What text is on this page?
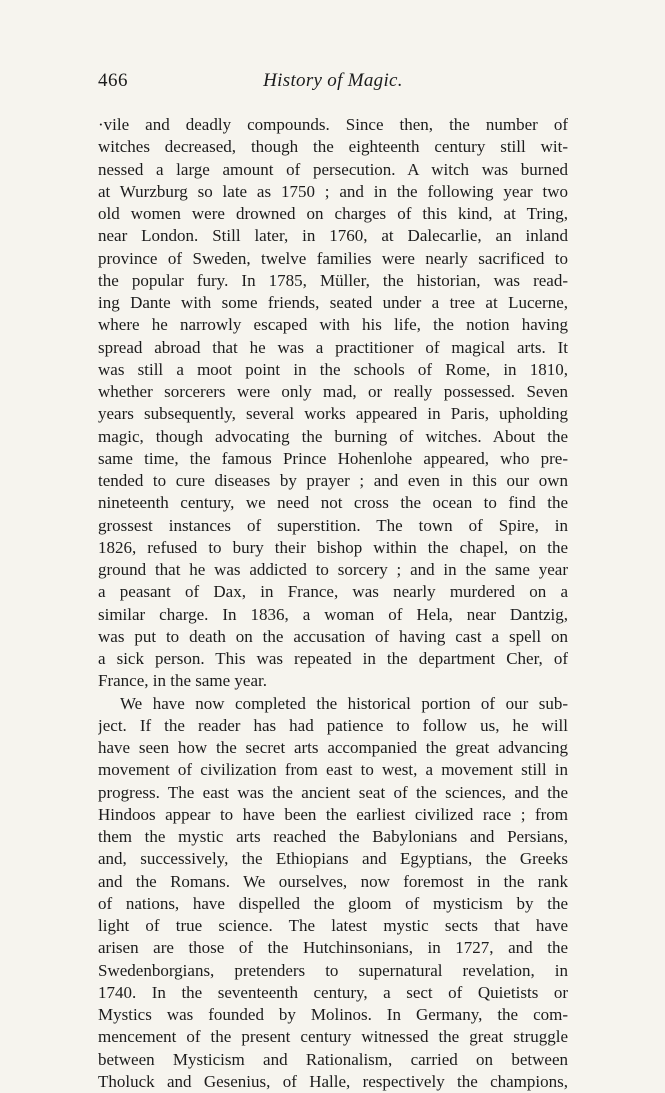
466	History of Magic.
·vile and deadly compounds. Since then, the number of
witches decreased, though the eighteenth century still wit-
nessed a large amount of persecution. A witch was burned
at Wurzburg so late as 1750 ; and in the following year two
old women were drowned on charges of this kind, at Tring,
near London. Still later, in 1760, at Dalecarlie, an inland
province of Sweden, twelve families were nearly sacrificed to
the popular fury. In 1785, Müller, the historian, was read-
ing Dante with some friends, seated under a tree at Lucerne,
where he narrowly escaped with his life, the notion having
spread abroad that he was a practitioner of magical arts. It
was still a moot point in the schools of Rome, in 1810,
whether sorcerers were only mad, or really possessed. Seven
years subsequently, several works appeared in Paris, upholding
magic, though advocating the burning of witches. About the
same time, the famous Prince Hohenlohe appeared, who pre-
tended to cure diseases by prayer ; and even in this our own
nineteenth century, we need not cross the ocean to find the
grossest instances of superstition. The town of Spire, in
1826, refused to bury their bishop within the chapel, on the
ground that he was addicted to sorcery ; and in the same year
a peasant of Dax, in France, was nearly murdered on a
similar charge. In 1836, a woman of Hela, near Dantzig,
was put to death on the accusation of having cast a spell on
a sick person. This was repeated in the department Cher, of
France, in the same year.
We have now completed the historical portion of our sub-
ject. If the reader has had patience to follow us, he will
have seen how the secret arts accompanied the great advancing
movement of civilization from east to west, a movement still in
progress. The east was the ancient seat of the sciences, and the
Hindoos appear to have been the earliest civilized race ; from
them the mystic arts reached the Babylonians and Persians,
and, successively, the Ethiopians and Egyptians, the Greeks
and the Romans. We ourselves, now foremost in the rank
of nations, have dispelled the gloom of mysticism by the
light of true science. The latest mystic sects that have
arisen are those of the Hutchinsonians, in 1727, and the
Swedenborgians, pretenders to supernatural revelation, in
1740. In the seventeenth century, a sect of Quietists or
Mystics was founded by Molinos. In Germany, the com-
mencement of the present century witnessed the great struggle
between Mysticism and Rationalism, carried on between
Tholuck and Gesenius, of Halle, respectively the champions,
